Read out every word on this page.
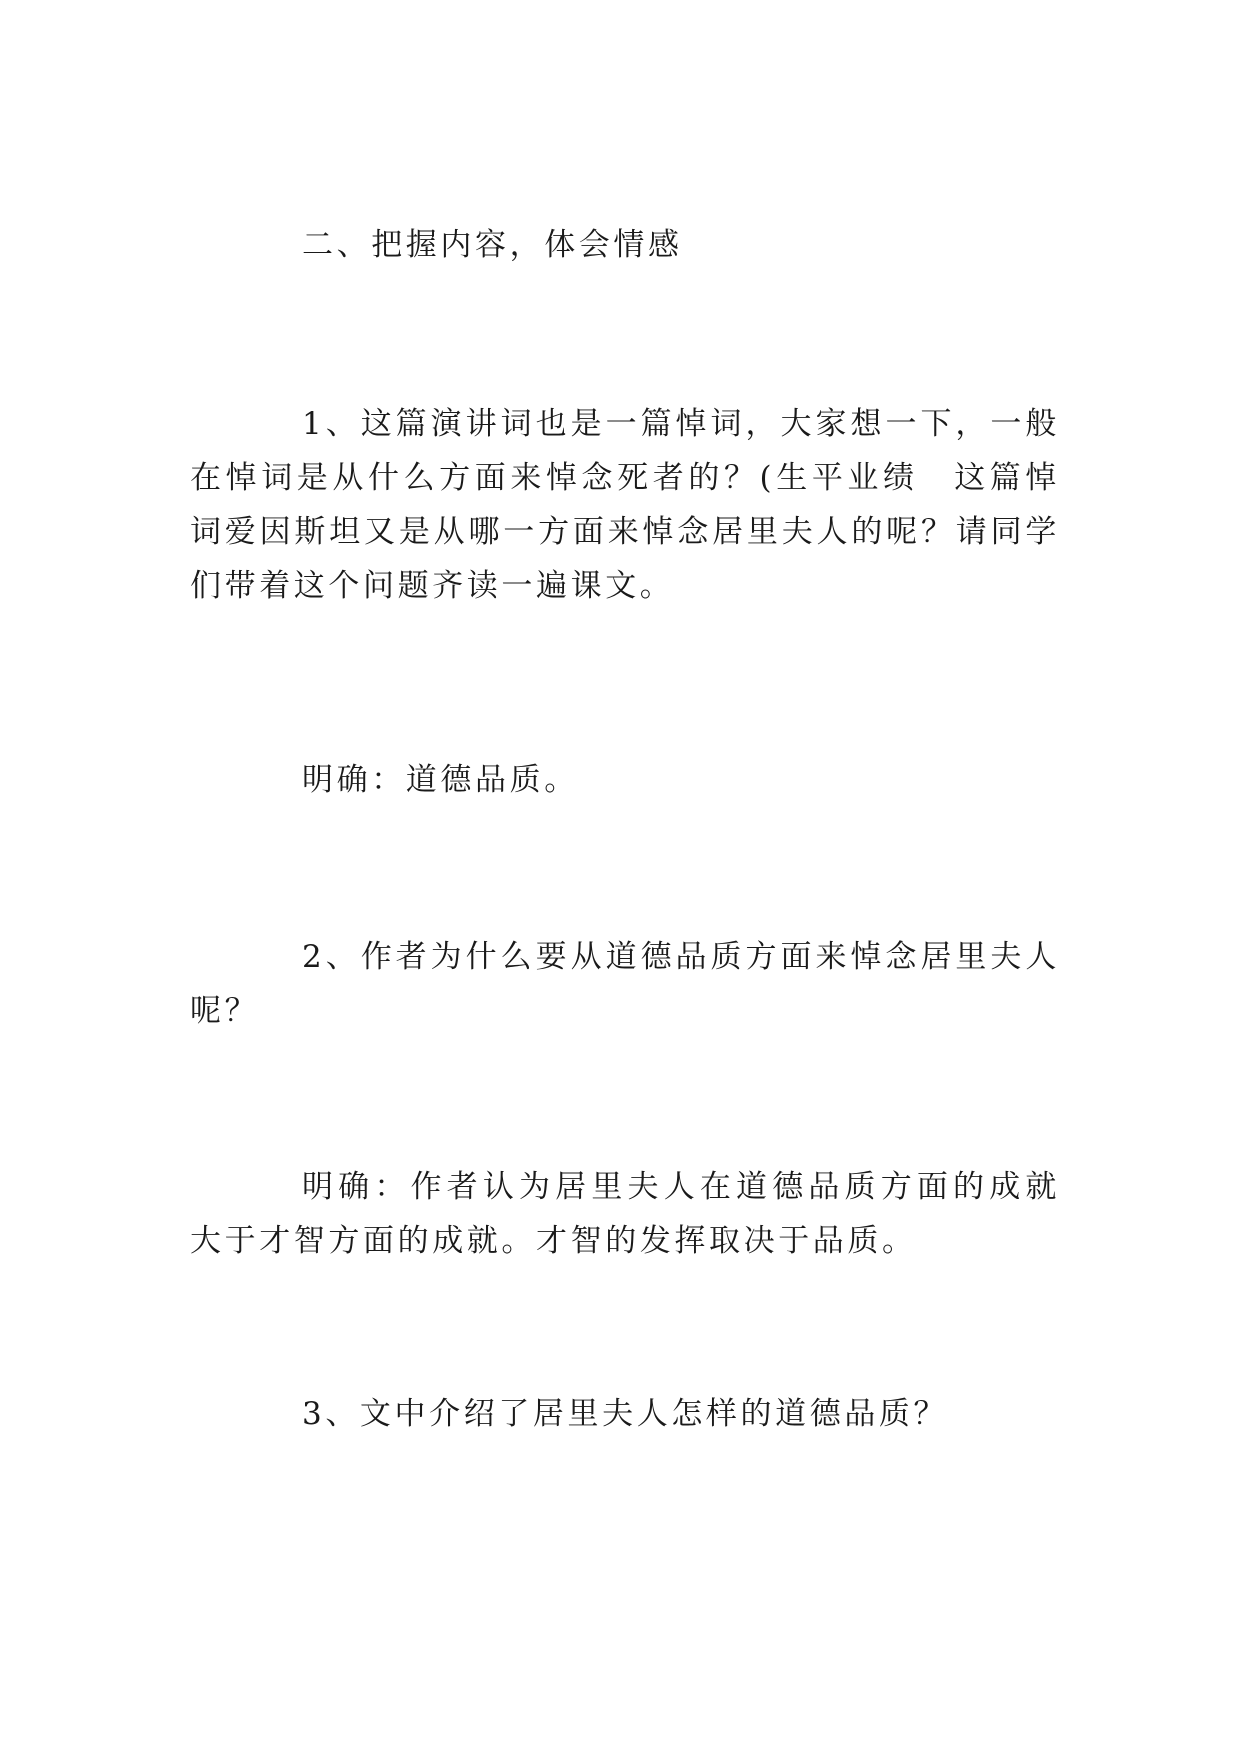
二、把握内容，体会情感

1、这篇演讲词也是一篇悼词，大家想一下，一般在悼词是从什么方面来悼念死者的？(生平业绩　这篇悼词爱因斯坦又是从哪一方面来悼念居里夫人的呢？请同学们带着这个问题齐读一遍课文。

明确：道德品质。

2、作者为什么要从道德品质方面来悼念居里夫人呢？

明确：作者认为居里夫人在道德品质方面的成就大于才智方面的成就。才智的发挥取决于品质。

3、文中介绍了居里夫人怎样的道德品质？
